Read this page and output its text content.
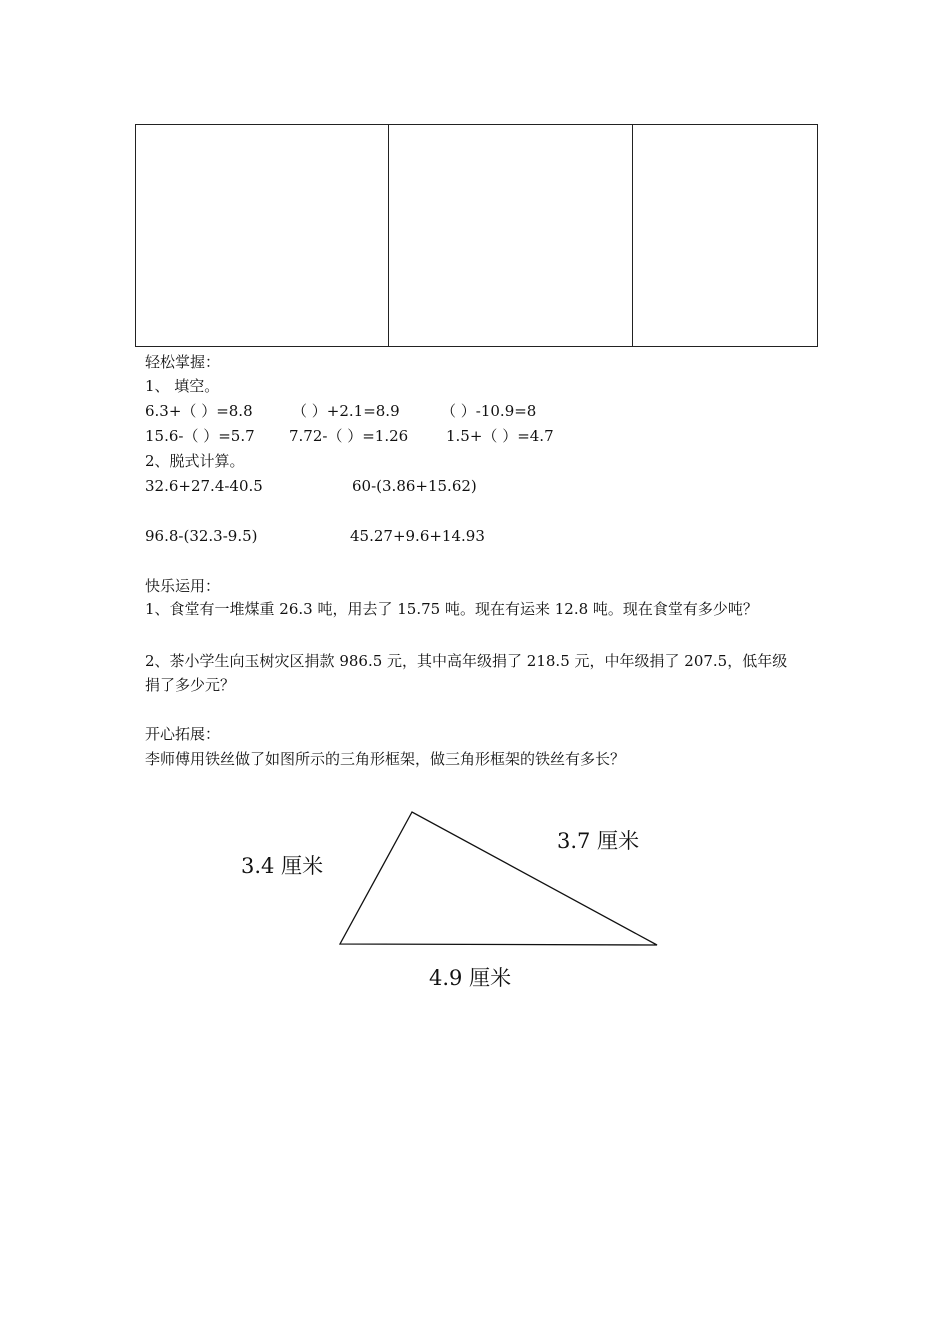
轻松掌握：
1、 填空。
6.3+（ ）=8.8	（ ）+2.1=8.9	（ ）-10.9=8
15.6-（ ）=5.7 7.72-（ ）=1.26	1.5+（ ）=4.7
2、脱式计算。
32.6+27.4-40.5	60-(3.86+15.62)
96.8-(32.3-9.5)	45.27+9.6+14.93
快乐运用：
1、食堂有一堆煤重 26.3 吨，用去了 15.75 吨。现在有运来 12.8 吨。现在食堂有多少吨？
2、茶小学生向玉树灾区捐款 986.5 元，其中高年级捐了 218.5 元，中年级捐了 207.5，低年级
捐了多少元？
开心拓展：
李师傅用铁丝做了如图所示的三角形框架，做三角形框架的铁丝有多长？
3.4 厘米
3.7 厘米
4.9 厘米
